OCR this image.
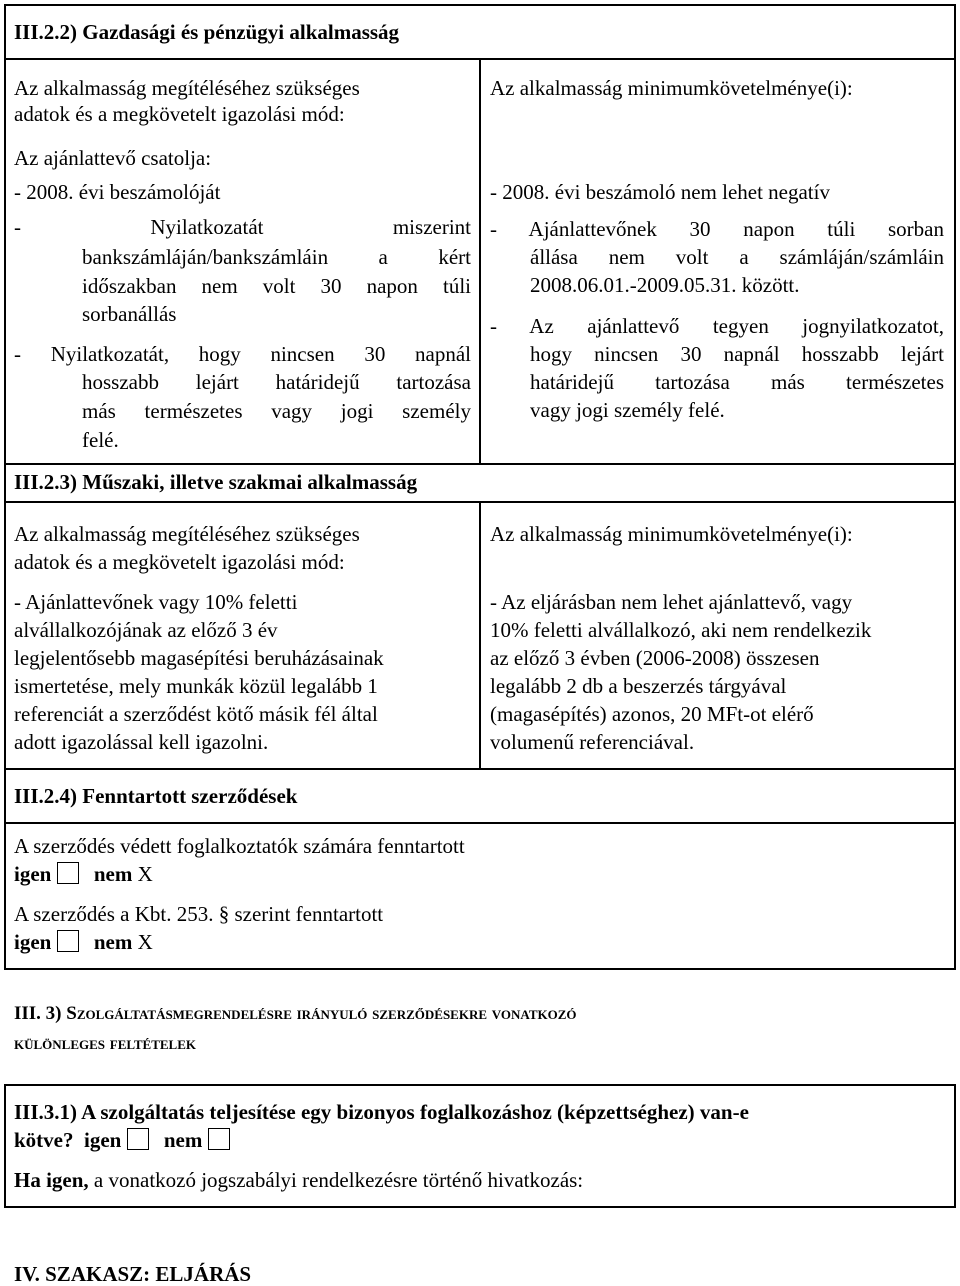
III.2.2) Gazdasági és pénzügyi alkalmasság
Az alkalmasság megítéléséhez szükséges
adatok és a megkövetelt igazolási mód:
Az ajánlattevő csatolja:
- 2008. évi beszámolóját
- Nyilatkozatát miszerint
bankszámláján/bankszámláin a kért
időszakban nem volt 30 napon túli
sorbanállás
- Nyilatkozatát, hogy nincsen 30 napnál
hosszabb lejárt határidejű tartozása
más természetes vagy jogi személy
felé.
Az alkalmasság minimumkövetelménye(i):
- 2008. évi beszámoló nem lehet negatív
- Ajánlattevőnek 30 napon túli sorban
állása nem volt a számláján/számláin
2008.06.01.-2009.05.31. között.
- Az ajánlattevő tegyen jognyilatkozatot,
hogy nincsen 30 napnál hosszabb lejárt
határidejű tartozása más természetes
vagy jogi személy felé.
III.2.3) Műszaki, illetve szakmai alkalmasság
Az alkalmasság megítéléséhez szükséges
adatok és a megkövetelt igazolási mód:
- Ajánlattevőnek vagy 10% feletti
alvállalkozójának az előző 3 év
legjelentősebb magasépítési beruházásainak
ismertetése, mely munkák közül legalább 1
referenciát a szerződést kötő másik fél által
adott igazolással kell igazolni.
Az alkalmasság minimumkövetelménye(i):
- Az eljárásban nem lehet ajánlattevő, vagy
10% feletti alvállalkozó, aki nem rendelkezik
az előző 3 évben (2006-2008) összesen
legalább 2 db a beszerzés tárgyával
(magasépítés) azonos, 20 MFt-ot elérő
volumenű referenciával.
III.2.4) Fenntartott szerződések
A szerződés védett foglalkoztatók számára fenntartott
igen nem X
A szerződés a Kbt. 253. § szerint fenntartott
igen nem X
III. 3) Szolgáltatásmegrendelésre irányuló szerződésekre vonatkozó
különleges feltételek
III.3.1) A szolgáltatás teljesítése egy bizonyos foglalkozáshoz (képzettséghez) van-e
kötve? igen nem
Ha igen, a vonatkozó jogszabályi rendelkezésre történő hivatkozás:
IV. SZAKASZ: ELJÁRÁS
